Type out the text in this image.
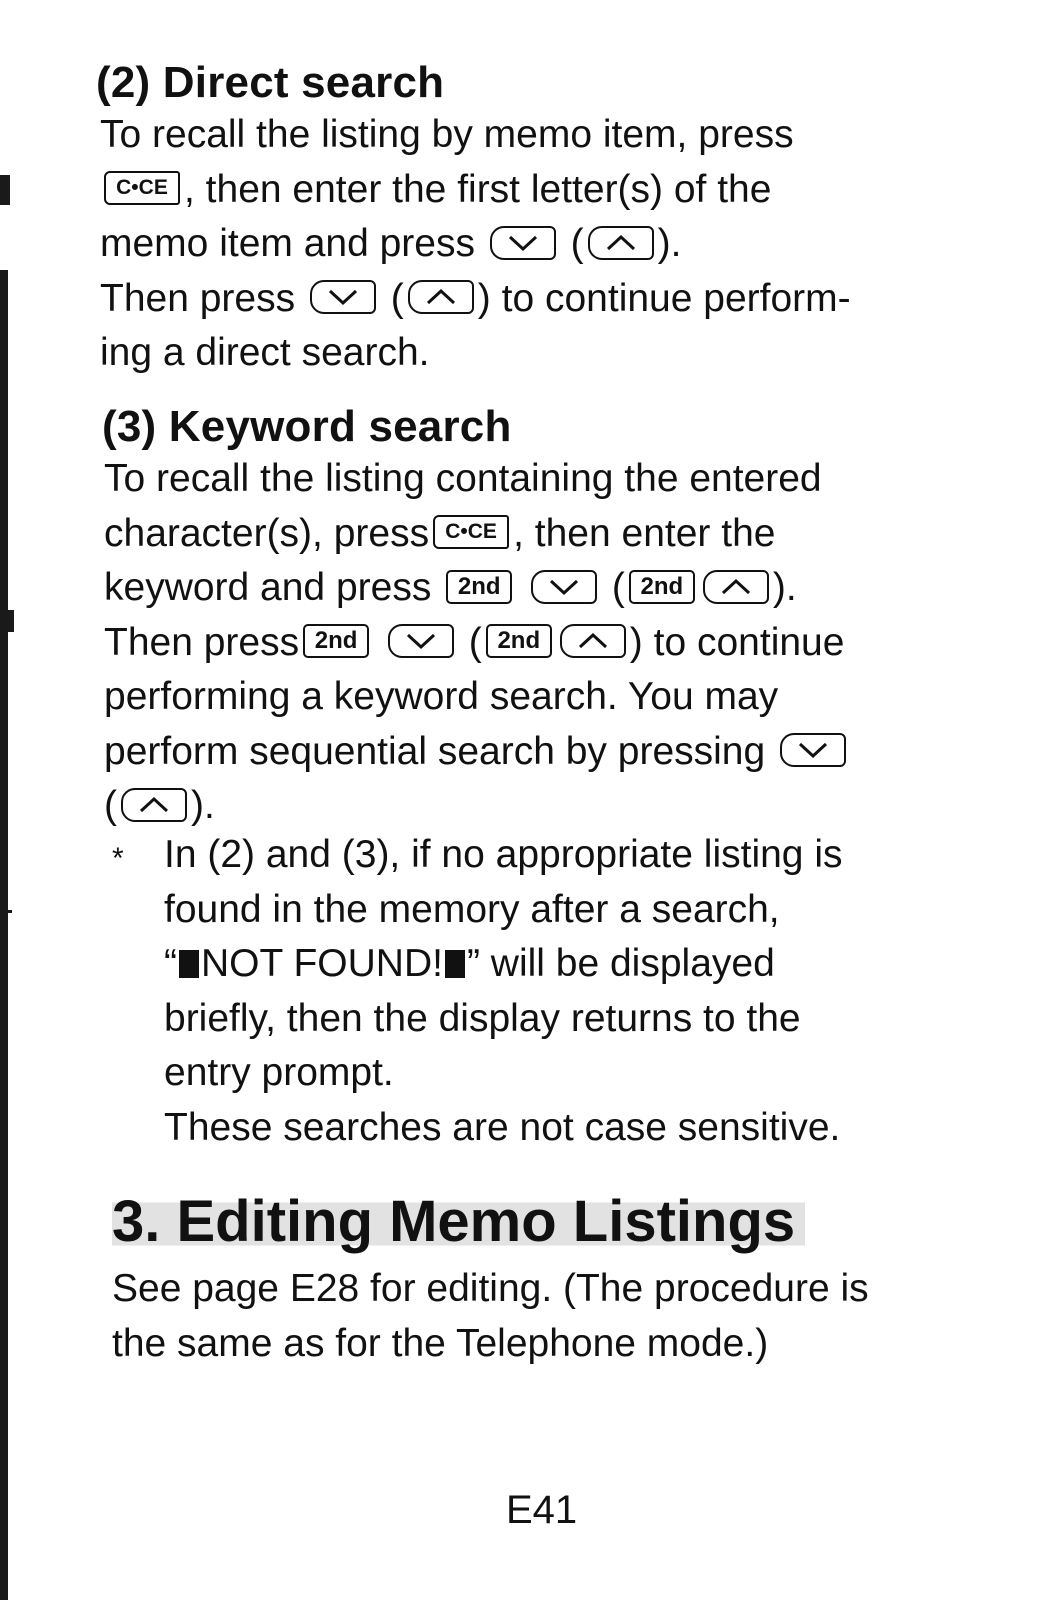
(2) Direct search
To recall the listing by memo item, press
C•CE , then enter the first letter(s) of the
memo item and press ( ).
Then press ( ) to continue perform-
ing a direct search.
(3) Keyword search
To recall the listing containing the entered
character(s), press C•CE , then enter the
keyword and press 2nd	( 2nd ).
Then press 2nd	( 2nd ) to continue
performing a keyword search. You may
perform sequential search by pressing
( ).
* In (2) and (3), if no appropriate listing is
found in the memory after a search,
“ NOT FOUND! ” will be displayed
briefly, then the display returns to the
entry prompt.
These searches are not case sensitive.
3. Editing Memo Listings
See page E28 for editing. (The procedure is
the same as for the Telephone mode.)
E41
